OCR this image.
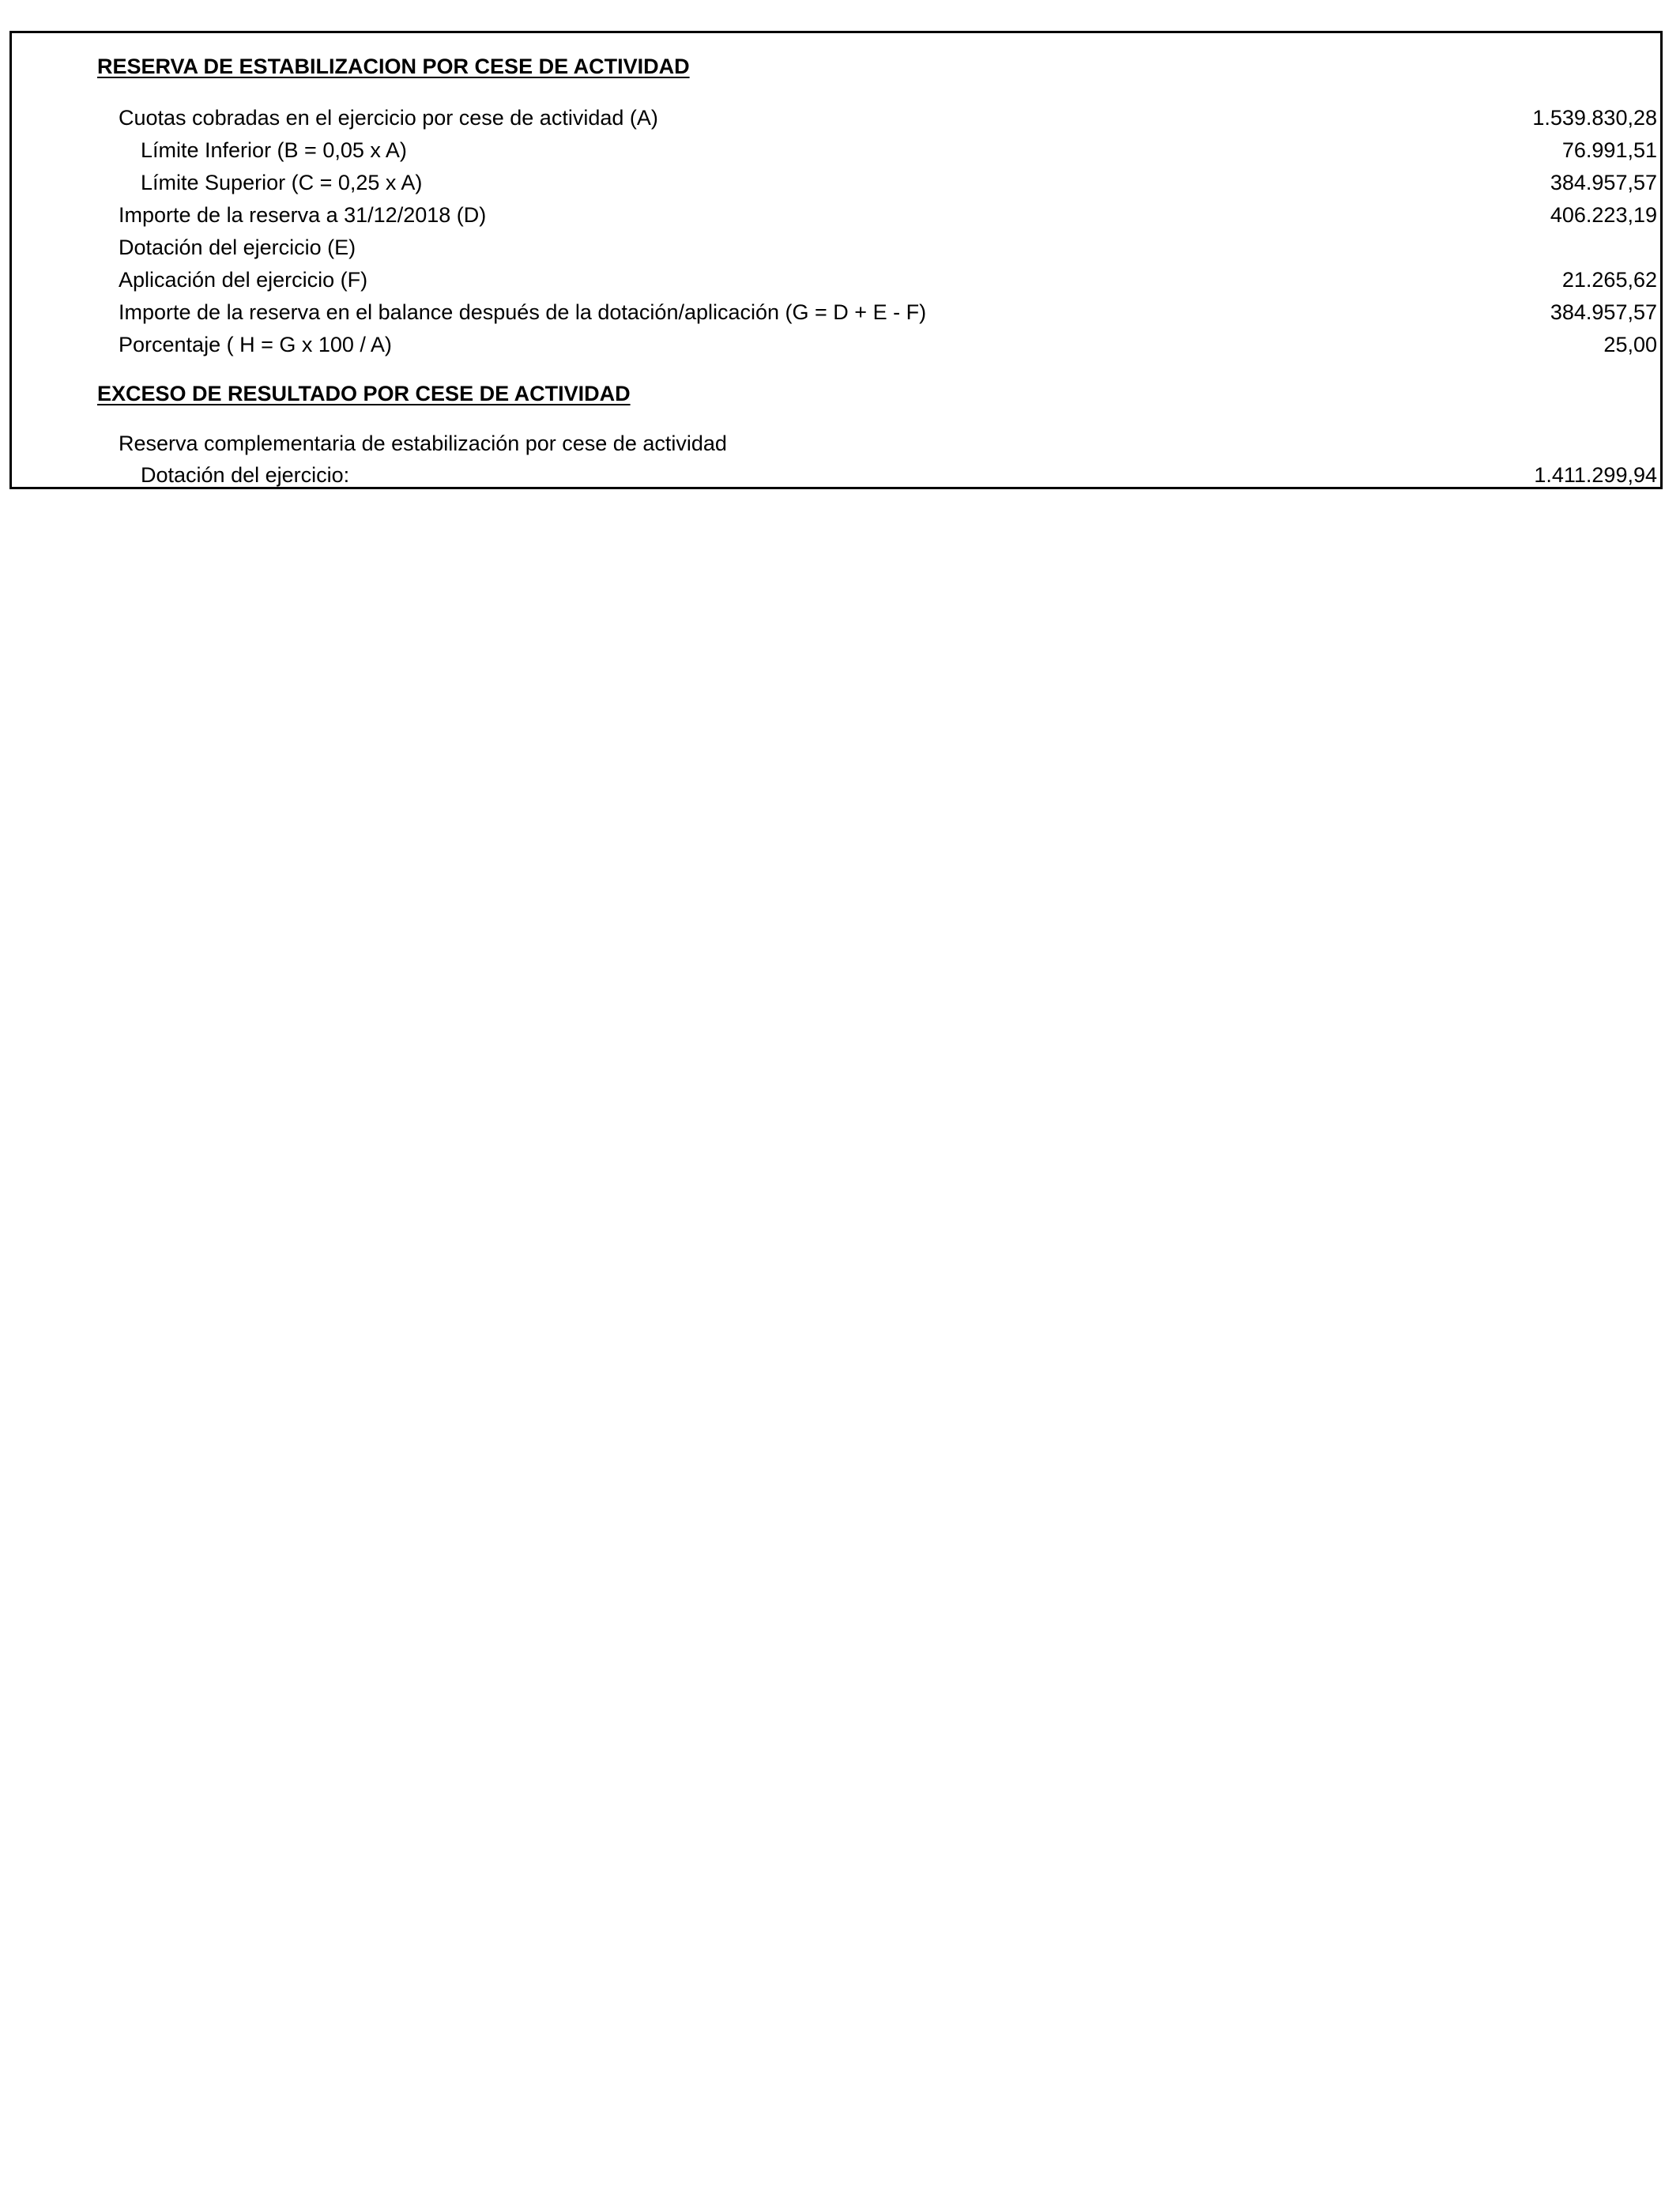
RESERVA DE ESTABILIZACION POR CESE DE ACTIVIDAD
Cuotas cobradas en el ejercicio por cese de actividad (A)	1.539.830,28
Límite Inferior (B = 0,05 x A)	76.991,51
Límite Superior (C = 0,25 x A)	384.957,57
Importe de la reserva a 31/12/2018 (D)	406.223,19
Dotación del ejercicio (E)
Aplicación del ejercicio (F)	21.265,62
Importe de la reserva en el balance después de la dotación/aplicación (G = D + E - F)	384.957,57
Porcentaje ( H = G x 100 / A)	25,00
EXCESO DE RESULTADO POR CESE DE ACTIVIDAD
Reserva complementaria de estabilización por cese de actividad
Dotación del ejercicio:	1.411.299,94
